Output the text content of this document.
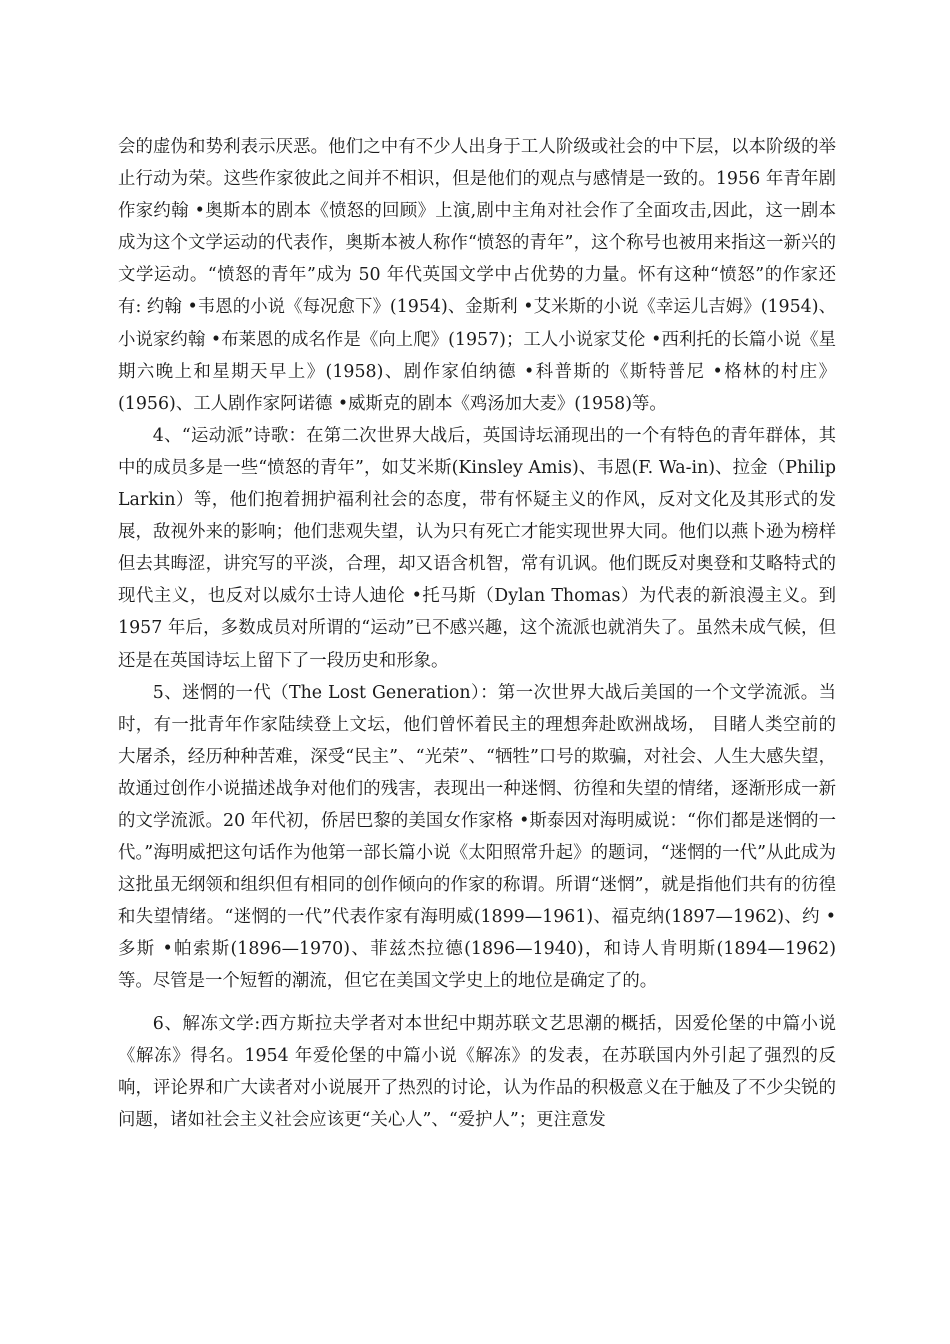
会的虚伪和势利表示厌恶。他们之中有不少人出身于工人阶级或社会的中下层，以本阶级的举止行动为荣。这些作家彼此之间并不相识，但是他们的观点与感情是一致的。1956 年青年剧作家约翰 •奥斯本的剧本《愤怒的回顾》上演,剧中主角对社会作了全面攻击,因此，这一剧本成为这个文学运动的代表作，奥斯本被人称作“愤怒的青年”，这个称号也被用来指这一新兴的文学运动。“愤怒的青年”成为 50 年代英国文学中占优势的力量。怀有这种“愤怒”的作家还有: 约翰 •韦恩的小说《每况愈下》(1954)、金斯利 •艾米斯的小说《幸运儿吉姆》(1954)、小说家约翰 •布莱恩的成名作是《向上爬》(1957)；工人小说家艾伦 •西利托的长篇小说《星期六晚上和星期天早上》(1958)、剧作家伯纳德 •科普斯的《斯特普尼 •格林的村庄》(1956)、工人剧作家阿诺德 •威斯克的剧本《鸡汤加大麦》(1958)等。

4、“运动派”诗歌：在第二次世界大战后，英国诗坛涌现出的一个有特色的青年群体，其中的成员多是一些“愤怒的青年”，如艾米斯(Kinsley Amis)、韦恩(F. Wa-in)、拉金（Philip Larkin）等，他们抱着拥护福利社会的态度，带有怀疑主义的作风，反对文化及其形式的发展，敌视外来的影响；他们悲观失望，认为只有死亡才能实现世界大同。他们以燕卜逊为榜样但去其晦涩，讲究写的平淡，合理，却又语含机智，常有讥讽。他们既反对奥登和艾略特式的现代主义，也反对以威尔士诗人迪伦 •托马斯（Dylan Thomas）为代表的新浪漫主义。到 1957 年后，多数成员对所谓的“运动”已不感兴趣，这个流派也就消失了。虽然未成气候，但还是在英国诗坛上留下了一段历史和形象。

5、迷惘的一代（The Lost Generation）：第一次世界大战后美国的一个文学流派。当时，有一批青年作家陆续登上文坛，他们曾怀着民主的理想奔赴欧洲战场， 目睹人类空前的大屠杀，经历种种苦难，深受“民主”、“光荣”、“牺牲”口号的欺骗，对社会、人生大感失望，故通过创作小说描述战争对他们的残害，表现出一种迷惘、彷徨和失望的情绪，逐渐形成一新的文学流派。20 年代初，侨居巴黎的美国女作家格 •斯泰因对海明威说：“你们都是迷惘的一代。”海明威把这句话作为他第一部长篇小说《太阳照常升起》的题词，“迷惘的一代”从此成为这批虽无纲领和组织但有相同的创作倾向的作家的称谓。所谓“迷惘”，就是指他们共有的彷徨和失望情绪。“迷惘的一代”代表作家有海明威(1899—1961)、福克纳(1897—1962)、约 •多斯 •帕索斯(1896—1970)、菲兹杰拉德(1896—1940)，和诗人肯明斯(1894—1962)等。尽管是一个短暂的潮流，但它在美国文学史上的地位是确定了的。

6、解冻文学:西方斯拉夫学者对本世纪中期苏联文艺思潮的概括，因爱伦堡的中篇小说《解冻》得名。1954 年爱伦堡的中篇小说《解冻》的发表，在苏联国内外引起了强烈的反响，评论界和广大读者对小说展开了热烈的讨论，认为作品的积极意义在于触及了不少尖锐的问题，诸如社会主义社会应该更“关心人”、“爱护人”；更注意发
